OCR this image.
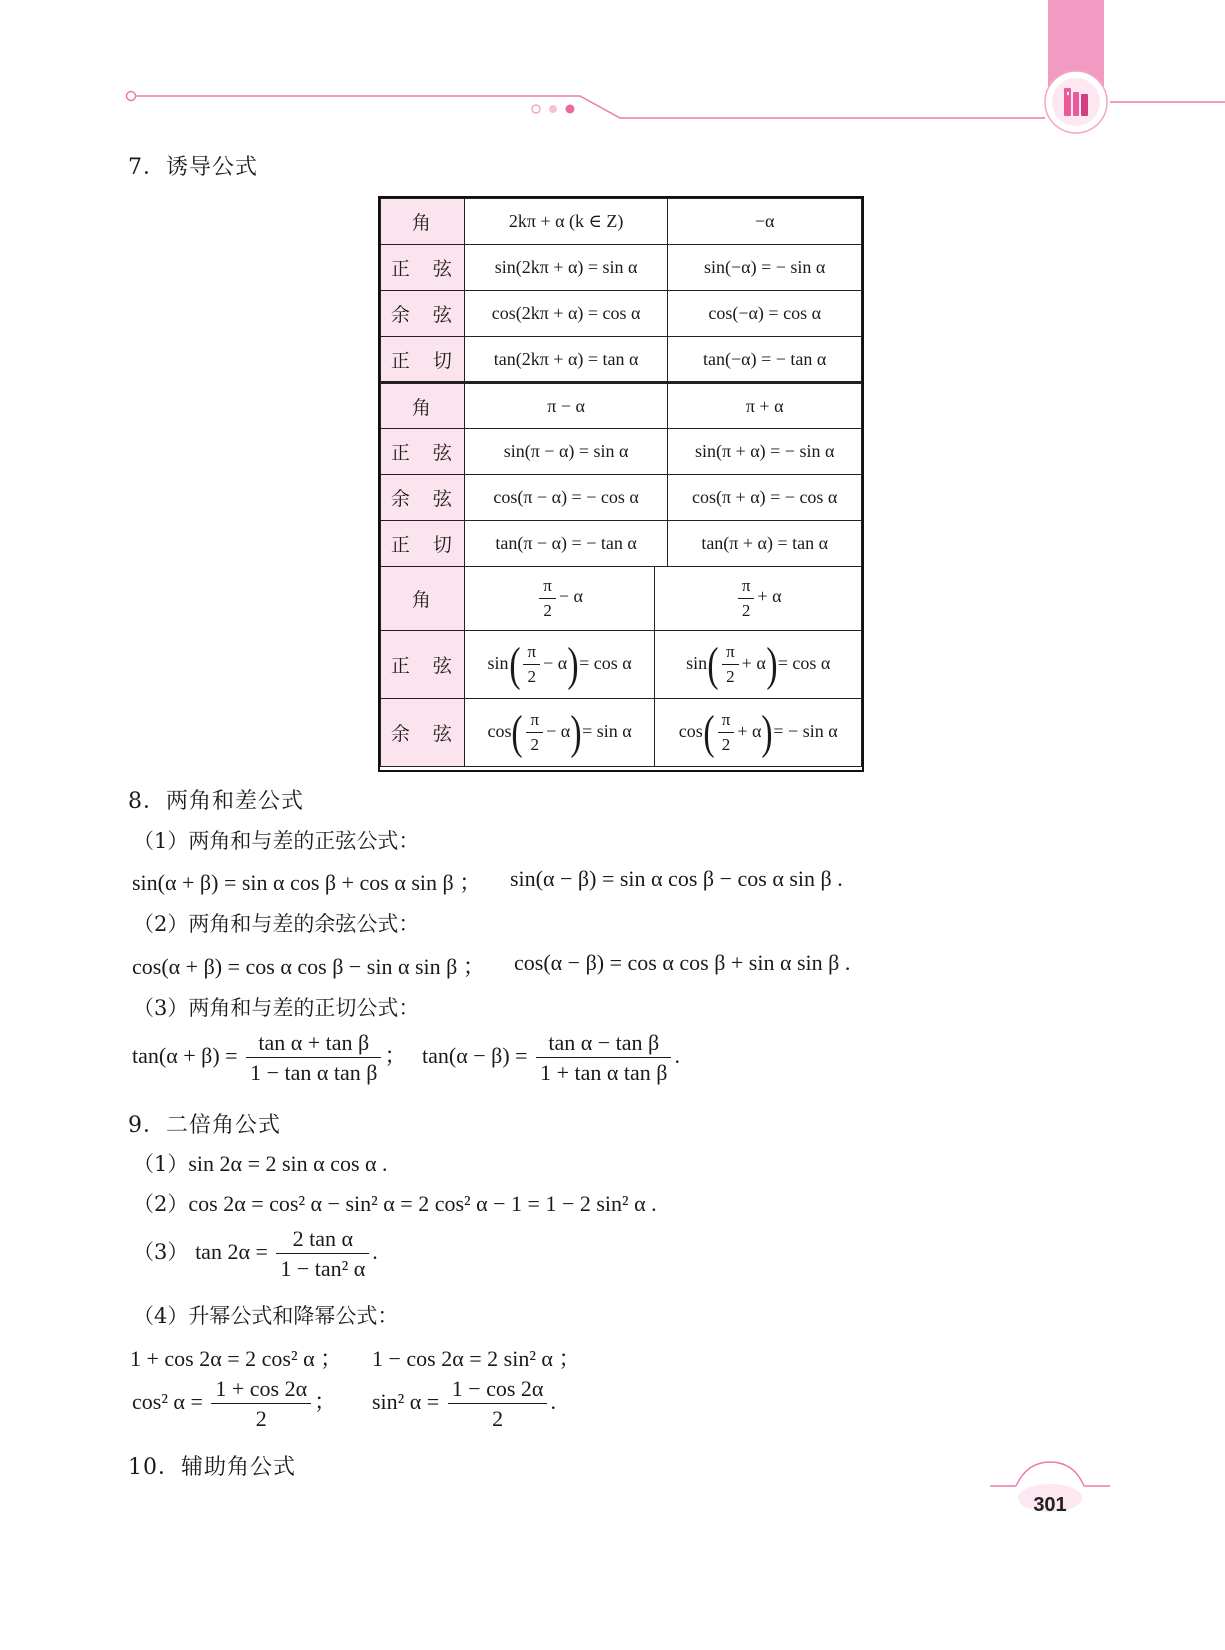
7．诱导公式
角	2kπ + α (k ∈ Z)	−α
正　弦	sin(2kπ + α) = sin α	sin(−α) = − sin α
余　弦	cos(2kπ + α) = cos α	cos(−α) = cos α
正　切	tan(2kπ + α) = tan α	tan(−α) = − tan α
角	π − α	π + α
正　弦	sin(π − α) = sin α	sin(π + α) = − sin α
余　弦	cos(π − α) = − cos α	cos(π + α) = − cos α
正　切	tan(π − α) = − tan α	tan(π + α) = tan α
角	$\frac{\pi}{2} - \alpha$	$\frac{\pi}{2} + \alpha$
正　弦	$\sin( \frac{\pi}{2} - \alpha)= \cos \alpha$	$\sin( \frac{\pi}{2} + \alpha)= \cos \alpha$
余　弦	$\cos( \frac{\pi}{2} - \alpha)= \sin \alpha$	$\cos( \frac{\pi}{2} + \alpha)= - \sin \alpha$
8．两角和差公式
（1）两角和与差的正弦公式：
sin(α + β) = sin α cos β + cos α sin β ； sin(α − β) = sin α cos β − cos α sin β .
（2）两角和与差的余弦公式：
cos(α + β) = cos α cos β − sin α sin β ； cos(α − β) = cos α cos β + sin α sin β .
（3）两角和与差的正切公式：
$\tan(\alpha + \beta) = \frac{\text{tan α + tan β}}{\text{1 − tan α tan β}}$ ； $\tan(\alpha - \beta) = \frac{\text{tan α − tan β}}{\text{1 + tan α tan β}}$ .
9．二倍角公式
（1）sin 2α = 2 sin α cos α .
（2）cos 2α = cos² α − sin² α = 2 cos² α − 1 = 1 − 2 sin² α .
（3） $\tan 2\alpha = \frac{\text{2 tan α}}{\text{1 − tan² α}}$ .
（4）升幂公式和降幂公式：
1 + cos 2α = 2 cos² α ； 1 − cos 2α = 2 sin² α ；
cos² $\alpha = \frac{1 + \cos 2\alpha}{2}$ ； sin² $\alpha = \frac{1 - \cos 2\alpha}{2}$ .
10．辅助角公式
301
